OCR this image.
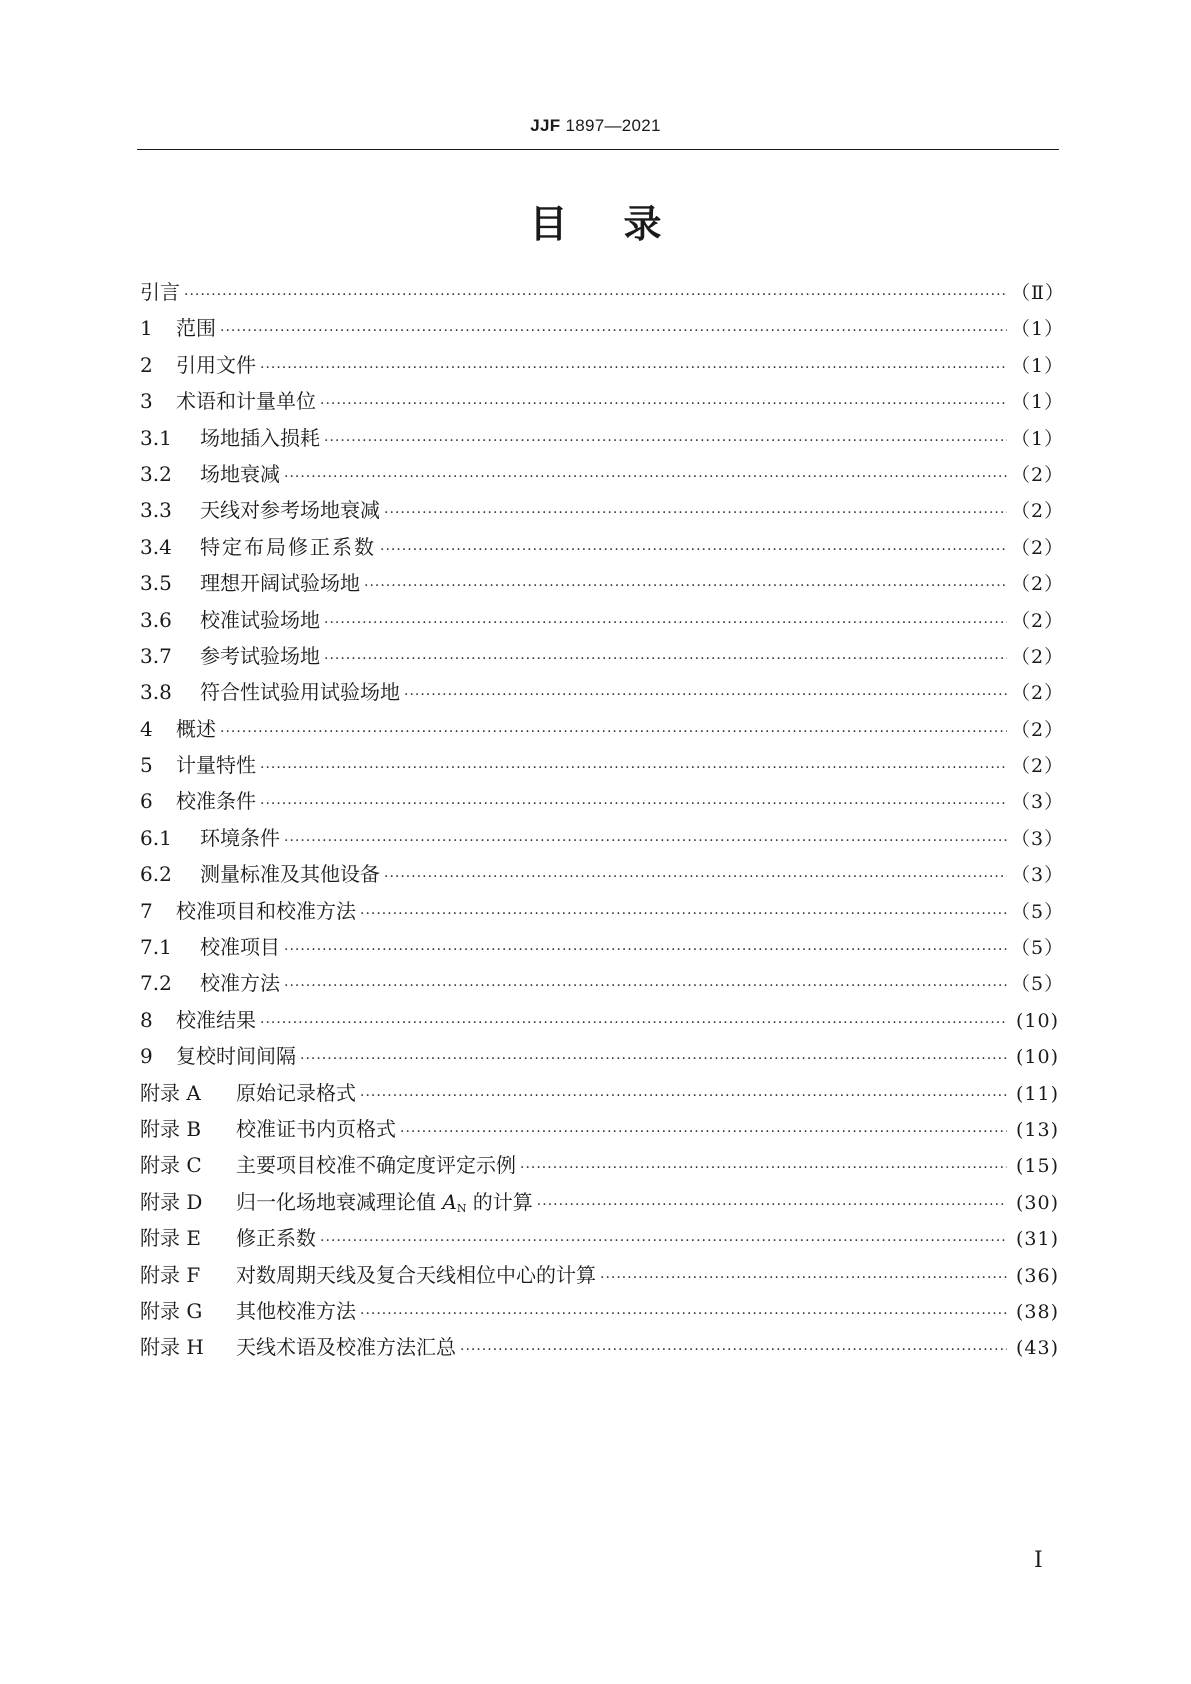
JJF 1897—2021
目录
引言 ·····	（Ⅱ）
1	范围 ·····	（1）
2	引用文件 ·····	（1）
3	术语和计量单位 ·····	（1）
3.1	场地插入损耗 ·····	（1）
3.2	场地衰减 ·····	（2）
3.3	天线对参考场地衰减 ·····	（2）
3.4	特定布局修正系数 ·····	（2）
3.5	理想开阔试验场地 ·····	（2）
3.6	校准试验场地 ·····	（2）
3.7	参考试验场地 ·····	（2）
3.8	符合性试验用试验场地 ·····	（2）
4	概述 ·····	（2）
5	计量特性 ·····	（2）
6	校准条件 ·····	（3）
6.1	环境条件 ·····	（3）
6.2	测量标准及其他设备 ·····	（3）
7	校准项目和校准方法 ·····	（5）
7.1	校准项目 ·····	（5）
7.2	校准方法 ·····	（5）
8	校准结果 ·····	(10)
9	复校时间间隔 ·····	(10)
附录 A	原始记录格式 ·····	(11)
附录 B	校准证书内页格式 ·····	(13)
附录 C	主要项目校准不确定度评定示例 ·····	(15)
附录 D	归一化场地衰减理论值 $A_N$ 的计算 ·····	(30)
附录 E	修正系数 ·····	(31)
附录 F	对数周期天线及复合天线相位中心的计算 ·····	(36)
附录 G	其他校准方法 ·····	(38)
附录 H	天线术语及校准方法汇总 ·····	(43)
I
